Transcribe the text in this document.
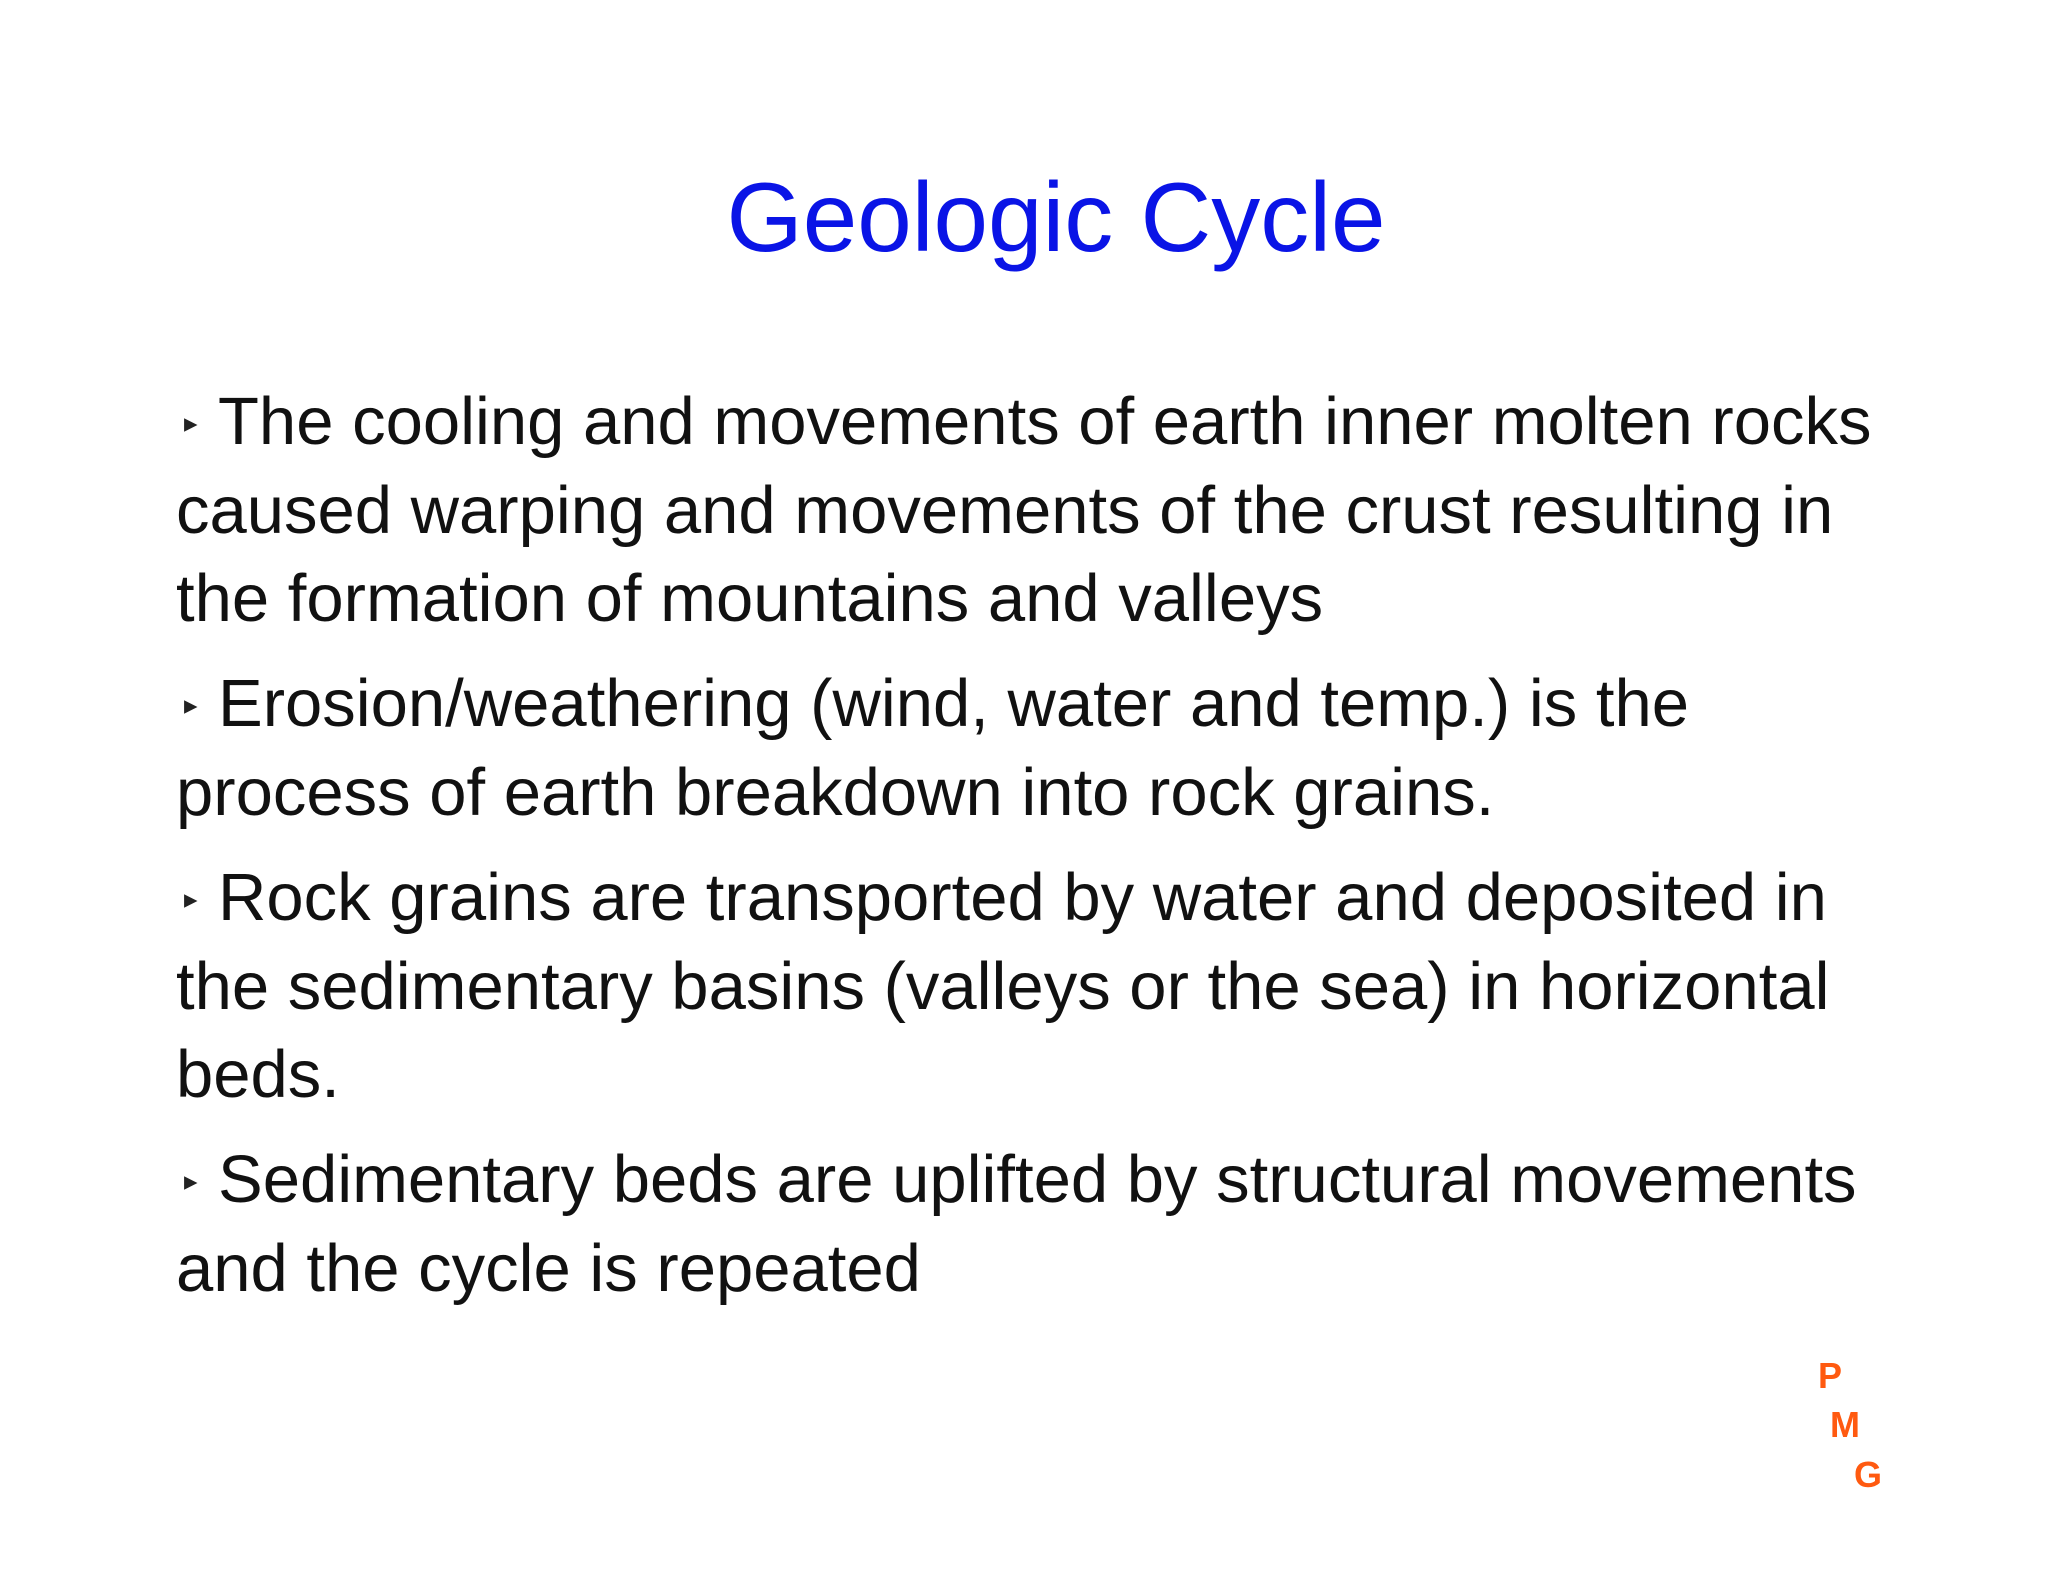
Geologic Cycle
▸ The cooling and movements of earth inner molten rocks caused warping and movements of the crust resulting in the formation of mountains and valleys
▸ Erosion/weathering (wind, water and temp.) is the process of earth breakdown into rock grains.
▸ Rock grains are transported by water and deposited in the sedimentary basins (valleys or the sea) in horizontal beds.
▸ Sedimentary beds are uplifted by structural movements and the cycle is repeated
P
M
G
